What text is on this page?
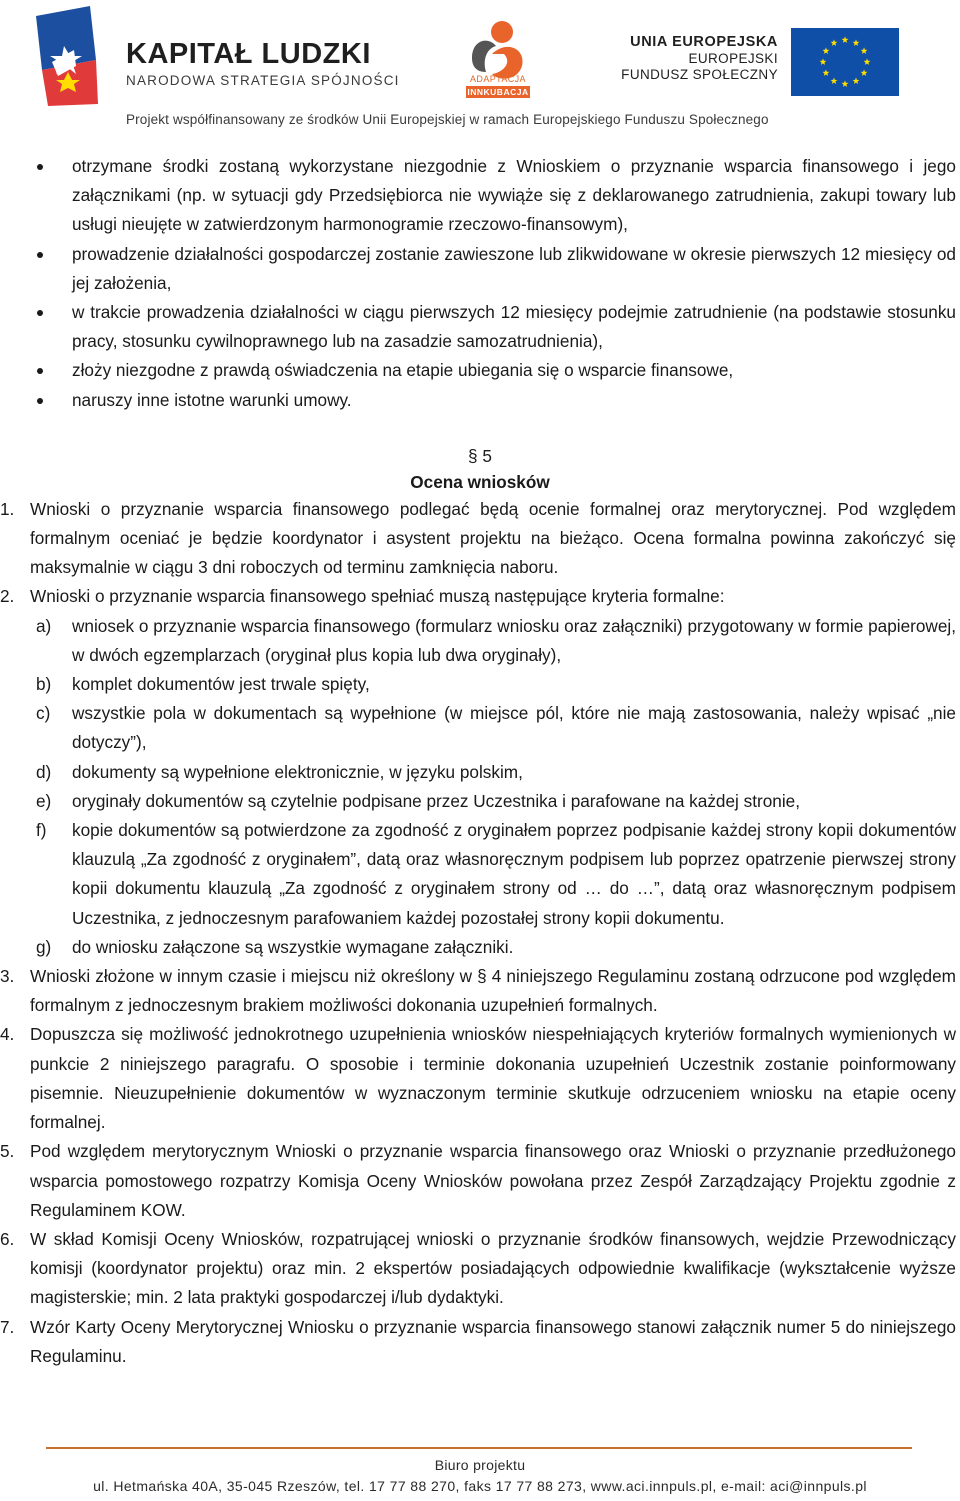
KAPITAŁ LUDZKI
NARODOWA STRATEGIA SPÓJNOŚCI	ADAPTACJA
INNKUBACJA
UNIA EUROPEJSKA
EUROPEJSKI
FUNDUSZ SPOŁECZNY
Projekt współfinansowany ze środków Unii Europejskiej w ramach Europejskiego Funduszu Społecznego
otrzymane środki zostaną wykorzystane niezgodnie z Wnioskiem o przyznanie wsparcia finansowego i jego załącznikami (np. w sytuacji gdy Przedsiębiorca nie wywiąże się z deklarowanego zatrudnienia, zakupi towary lub usługi nieujęte w zatwierdzonym harmonogramie rzeczowo-finansowym),
prowadzenie działalności gospodarczej zostanie zawieszone lub zlikwidowane w okresie pierwszych 12 miesięcy od jej założenia,
w trakcie prowadzenia działalności w ciągu pierwszych 12 miesięcy podejmie zatrudnienie (na podstawie stosunku pracy, stosunku cywilnoprawnego lub na zasadzie samozatrudnienia),
złoży niezgodne z prawdą oświadczenia na etapie ubiegania się o wsparcie finansowe,
naruszy inne istotne warunki umowy.
§ 5
Ocena wniosków
1. Wnioski o przyznanie wsparcia finansowego podlegać będą ocenie formalnej oraz merytorycznej. Pod względem formalnym oceniać je będzie koordynator i asystent projektu na bieżąco. Ocena formalna powinna zakończyć się maksymalnie w ciągu 3 dni roboczych od terminu zamknięcia naboru.
2. Wnioski o przyznanie wsparcia finansowego spełniać muszą następujące kryteria formalne:
a) wniosek o przyznanie wsparcia finansowego (formularz wniosku oraz załączniki) przygotowany w formie papierowej, w dwóch egzemplarzach (oryginał plus kopia lub dwa oryginały),
b) komplet dokumentów jest trwale spięty,
c) wszystkie pola w dokumentach są wypełnione (w miejsce pól, które nie mają zastosowania, należy wpisać „nie dotyczy”),
d) dokumenty są wypełnione elektronicznie, w języku polskim,
e) oryginały dokumentów są czytelnie podpisane przez Uczestnika i parafowane na każdej stronie,
f) kopie dokumentów są potwierdzone za zgodność z oryginałem poprzez podpisanie każdej strony kopii dokumentów klauzulą „Za zgodność z oryginałem”, datą oraz własnoręcznym podpisem lub poprzez opatrzenie pierwszej strony kopii dokumentu klauzulą „Za zgodność z oryginałem strony od … do …”, datą oraz własnoręcznym podpisem Uczestnika, z jednoczesnym parafowaniem każdej pozostałej strony kopii dokumentu.
g) do wniosku załączone są wszystkie wymagane załączniki.
3. Wnioski złożone w innym czasie i miejscu niż określony w § 4 niniejszego Regulaminu zostaną odrzucone pod względem formalnym z jednoczesnym brakiem możliwości dokonania uzupełnień formalnych.
4. Dopuszcza się możliwość jednokrotnego uzupełnienia wniosków niespełniających kryteriów formalnych wymienionych w punkcie 2 niniejszego paragrafu. O sposobie i terminie dokonania uzupełnień Uczestnik zostanie poinformowany pisemnie. Nieuzupełnienie dokumentów w wyznaczonym terminie skutkuje odrzuceniem wniosku na etapie oceny formalnej.
5. Pod względem merytorycznym Wnioski o przyznanie wsparcia finansowego oraz Wnioski o przyznanie przedłużonego wsparcia pomostowego rozpatrzy Komisja Oceny Wniosków powołana przez Zespół Zarządzający Projektu zgodnie z Regulaminem KOW.
6. W skład Komisji Oceny Wniosków, rozpatrującej wnioski o przyznanie środków finansowych, wejdzie Przewodniczący komisji (koordynator projektu) oraz min. 2 ekspertów posiadających odpowiednie kwalifikacje (wykształcenie wyższe magisterskie; min. 2 lata praktyki gospodarczej i/lub dydaktyki.
7. Wzór Karty Oceny Merytorycznej Wniosku o przyznanie wsparcia finansowego stanowi załącznik numer 5 do niniejszego Regulaminu.
Biuro projektu
ul. Hetmańska 40A, 35-045 Rzeszów, tel. 17 77 88 270, faks 17 77 88 273, www.aci.innpuls.pl, e-mail: aci@innpuls.pl
